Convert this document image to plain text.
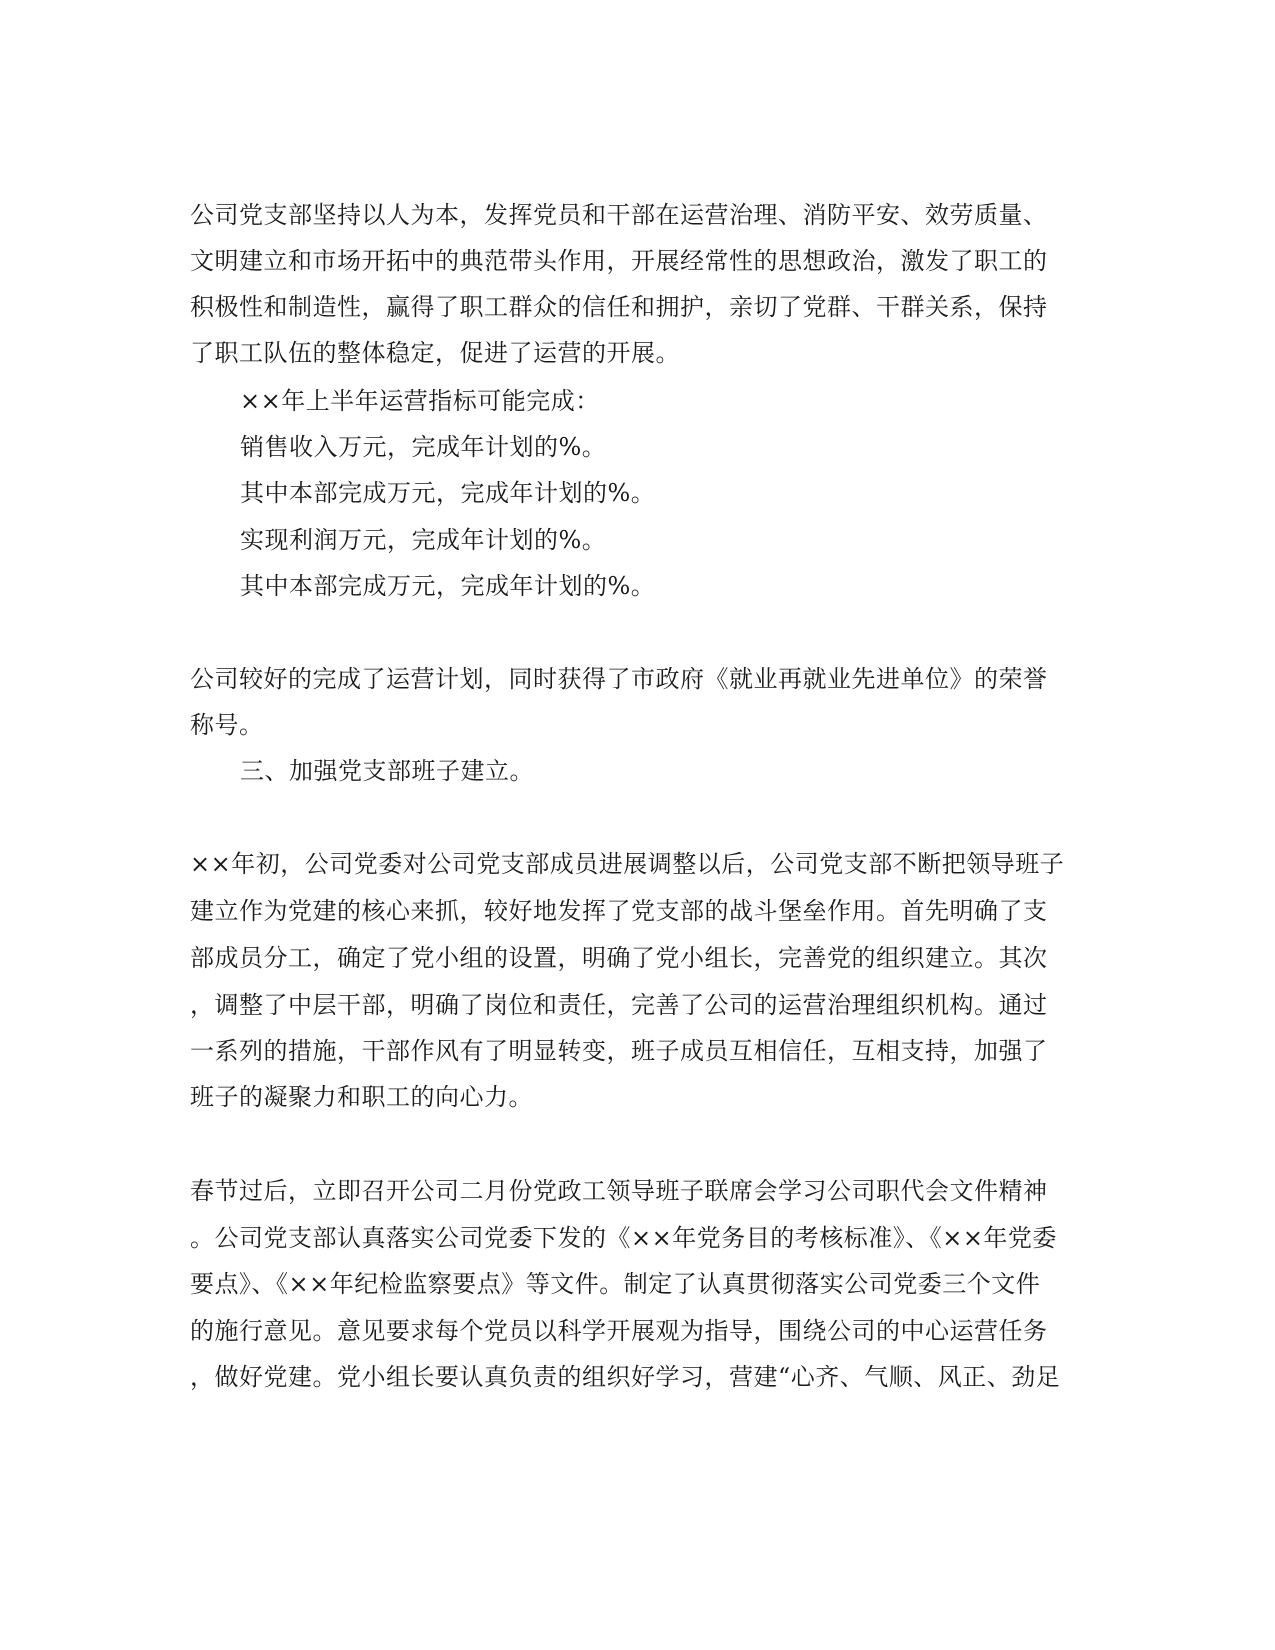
公司党支部坚持以人为本，发挥党员和干部在运营治理、消防平安、效劳质量、
文明建立和市场开拓中的典范带头作用，开展经常性的思想政治，激发了职工的
积极性和制造性，赢得了职工群众的信任和拥护，亲切了党群、干群关系，保持
了职工队伍的整体稳定，促进了运营的开展。
××年上半年运营指标可能完成：
销售收入万元，完成年计划的%。
其中本部完成万元，完成年计划的%。
实现利润万元，完成年计划的%。
其中本部完成万元，完成年计划的%。
公司较好的完成了运营计划，同时获得了市政府《就业再就业先进单位》的荣誉
称号。
三、加强党支部班子建立。
××年初，公司党委对公司党支部成员进展调整以后，公司党支部不断把领导班子
建立作为党建的核心来抓，较好地发挥了党支部的战斗堡垒作用。首先明确了支
部成员分工，确定了党小组的设置，明确了党小组长，完善党的组织建立。其次
，调整了中层干部，明确了岗位和责任，完善了公司的运营治理组织机构。通过
一系列的措施，干部作风有了明显转变，班子成员互相信任，互相支持，加强了
班子的凝聚力和职工的向心力。
春节过后，立即召开公司二月份党政工领导班子联席会学习公司职代会文件精神
。公司党支部认真落实公司党委下发的《××年党务目的考核标准》、《××年党委
要点》、《××年纪检监察要点》等文件。制定了认真贯彻落实公司党委三个文件
的施行意见。意见要求每个党员以科学开展观为指导，围绕公司的中心运营任务
，做好党建。党小组长要认真负责的组织好学习，营建“心齐、气顺、风正、劲足
